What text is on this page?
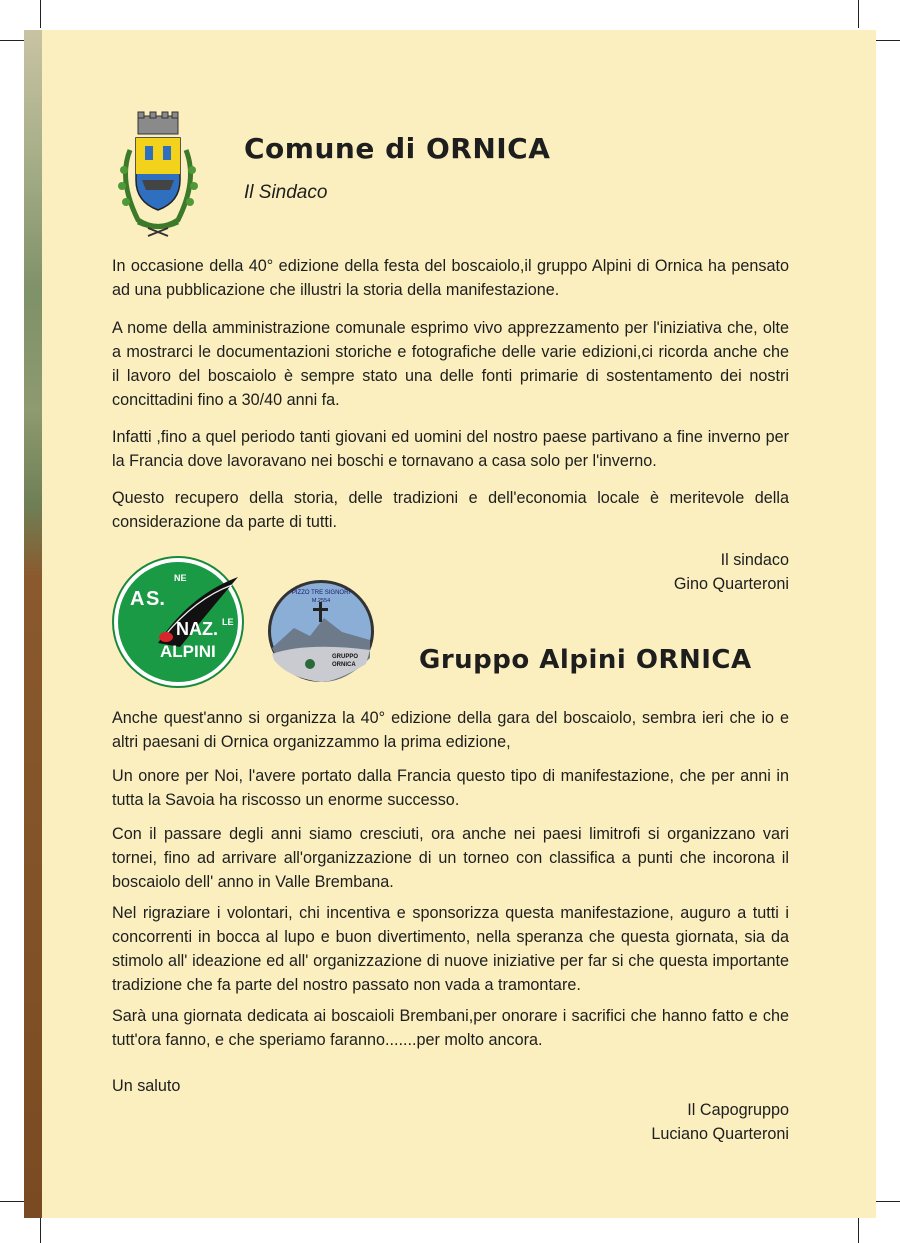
Comune di ORNICA
Il Sindaco

In occasione della 40° edizione della festa del boscaiolo,il gruppo Alpini di Ornica ha pensato ad una pubblicazione che illustri la storia della manifestazione.

A nome della amministrazione comunale esprimo vivo apprezzamento per l'iniziativa che, olte a mostrarci le documentazioni storiche e fotografiche delle varie edizioni,ci ricorda anche che il lavoro del boscaiolo è sempre stato una delle fonti primarie di sostentamento dei nostri concittadini fino a 30/40 anni fa.

Infatti ,fino a quel periodo tanti giovani ed uomini del nostro paese partivano a fine inverno per la Francia dove lavoravano nei boschi e tornavano a casa solo per l'inverno.

Questo recupero della storia, delle tradizioni e dell'economia locale è meritevole della considerazione da parte di tutti.

Il sindaco
Gino Quarteroni
A S.
NE
NAZ. LE
ALPINI
PIZZO TRE SIGNORI
M.2554
GRUPPO
ORNICA Gruppo Alpini ORNICA

Anche quest'anno si organizza la 40° edizione della gara del boscaiolo, sembra ieri che io e altri paesani di Ornica organizzammo la prima edizione,

Un onore per Noi, l'avere portato dalla Francia questo tipo di manifestazione, che per anni in tutta la Savoia ha riscosso un enorme successo.

Con il passare degli anni siamo cresciuti, ora anche nei paesi limitrofi si organizzano vari tornei, fino ad arrivare all'organizzazione di un torneo con classifica a punti che incorona il boscaiolo dell' anno in Valle Brembana.

Nel rigraziare i volontari, chi incentiva e sponsorizza questa manifestazione, auguro a tutti i concorrenti in bocca al lupo e buon divertimento, nella speranza che questa giornata, sia da stimolo all' ideazione ed all' organizzazione di nuove iniziative per far si che questa importante tradizione che fa parte del nostro passato non vada a tramontare.

Sarà una giornata dedicata ai boscaioli Brembani,per onorare i sacrifici che hanno fatto e che tutt'ora fanno, e che speriamo faranno.......per molto ancora.

Un saluto
Il Capogruppo
Luciano Quarteroni
